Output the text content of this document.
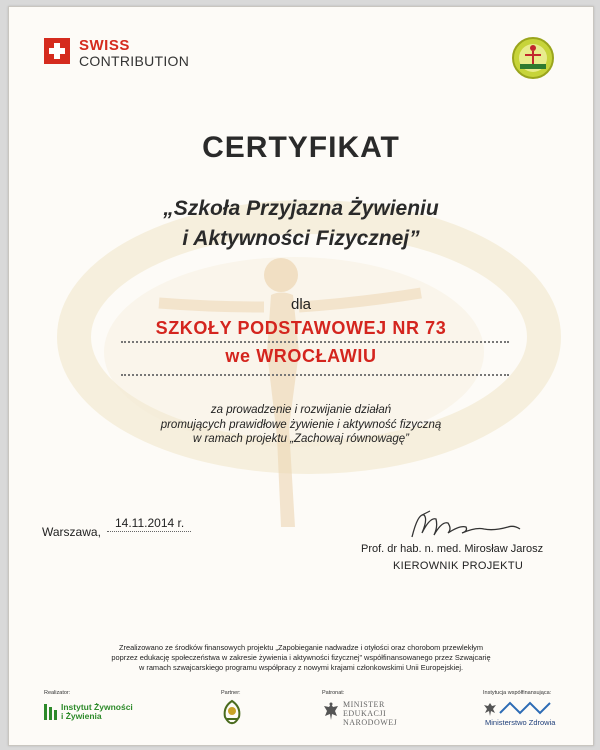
SWISS
CONTRIBUTION
CERTYFIKAT
„Szkoła Przyjazna Żywieniu
i Aktywności Fizycznej”
dla
SZKOŁY PODSTAWOWEJ NR 73
we WROCŁAWIU
za prowadzenie i rozwijanie działań
promujących prawidłowe żywienie i aktywność fizyczną
w ramach projektu „Zachowaj równowagę”
Warszawa,
14.11.2014 r.
Prof. dr hab. n. med. Mirosław Jarosz
KIEROWNIK PROJEKTU
Zrealizowano ze środków finansowych projektu „Zapobieganie nadwadze i otyłości oraz chorobom przewlekłym
poprzez edukację społeczeństwa w zakresie żywienia i aktywności fizycznej” współfinansowanego przez Szwajcarię
w ramach szwajcarskiego programu współpracy z nowymi krajami członkowskimi Unii Europejskiej.
Realizator:
Instytut Żywności
i Żywienia
Partner:	Patronat:
MINISTER
EDUKACJI
NARODOWEJ
Instytucja współfinansująca:
Ministerstwo Zdrowia
